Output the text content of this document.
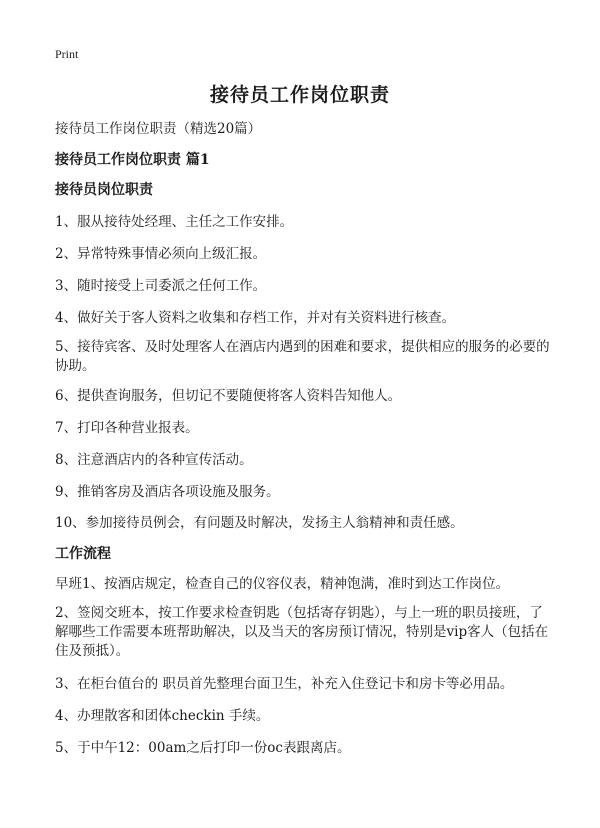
Print
接待员工作岗位职责
接待员工作岗位职责（精选20篇）
接待员工作岗位职责 篇1
接待员岗位职责
1、服从接待处经理、主任之工作安排。
2、异常特殊事情必须向上级汇报。
3、随时接受上司委派之任何工作。
4、做好关于客人资料之收集和存档工作，并对有关资料进行核查。
5、接待宾客、及时处理客人在酒店内遇到的困难和要求，提供相应的服务的必要的协助。
6、提供查询服务，但切记不要随便将客人资料告知他人。
7、打印各种营业报表。
8、注意酒店内的各种宣传活动。
9、推销客房及酒店各项设施及服务。
10、参加接待员例会，有问题及时解决，发扬主人翁精神和责任感。
工作流程
早班1、按酒店规定，检查自己的仪容仪表，精神饱满，准时到达工作岗位。
2、签阅交班本，按工作要求检查钥匙（包括寄存钥匙），与上一班的职员接班，了解哪些工作需要本班帮助解决，以及当天的客房预订情况，特别是vip客人（包括在住及预抵）。
3、在柜台值台的 职员首先整理台面卫生，补充入住登记卡和房卡等必用品。
4、办理散客和团体checkin 手续。
5、于中午12：00am之后打印一份oc表跟离店。
